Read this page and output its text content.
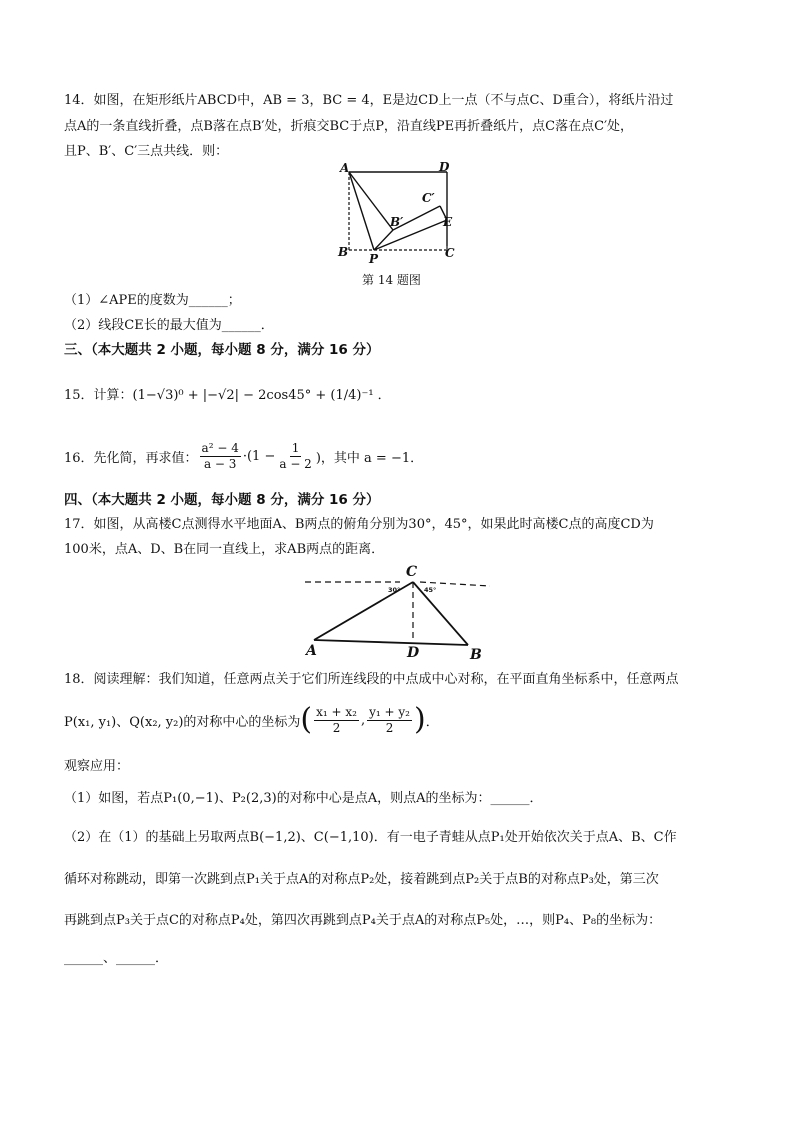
14．如图，在矩形纸片ABCD中，AB = 3，BC = 4，E是边CD上一点（不与点C、D重合），将纸片沿过
点A的一条直线折叠，点B落在点B′处，折痕交BC于点P，沿直线PE再折叠纸片，点C落在点C′处，
且P、B′、C′三点共线．则：
A	D
B	C
P
E
B′
C′
第 14 题图
（1）∠APE的度数为______；
（2）线段CE长的最大值为______．
三、（本大题共 2 小题，每小题 8 分，满分 16 分）
15．计算： (1−√3)⁰ + |−√2| − 2cos45° + (1/4)⁻¹ ．
16．先化简，再求值： $\frac{\text{a² − 4}}{a - 3} \cdot(1 - \frac{1}{a - 2}$ )，其中 a = −1．
四、（本大题共 2 小题，每小题 8 分，满分 16 分）
17．如图，从高楼C点测得水平地面A、B两点的俯角分别为30°，45°，如果此时高楼C点的高度CD为
100米，点A、D、B在同一直线上，求AB两点的距离．
30°	45°
C
A	D	B
18．阅读理解：我们知道，任意两点关于它们所连线段的中点成中心对称，在平面直角坐标系中，任意两点
P(x₁, y₁)、Q(x₂, y₂)的对称中心的坐标为 ( $\frac{\text{x₁ + x₂}}{2}$ , $\frac{\text{y₁ + y₂}}{2}$ ) ．
观察应用：
（1）如图，若点P₁(0,−1)、P₂(2,3)的对称中心是点A，则点A的坐标为：______．
（2）在（1）的基础上另取两点B(−1,2)、C(−1,10)．有一电子青蛙从点P₁处开始依次关于点A、B、C作
循环对称跳动，即第一次跳到点P₁关于点A的对称点P₂处，接着跳到点P₂关于点B的对称点P₃处，第三次
再跳到点P₃关于点C的对称点P₄处，第四次再跳到点P₄关于点A的对称点P₅处，…，则P₄、P₈的坐标为：
______、______．
